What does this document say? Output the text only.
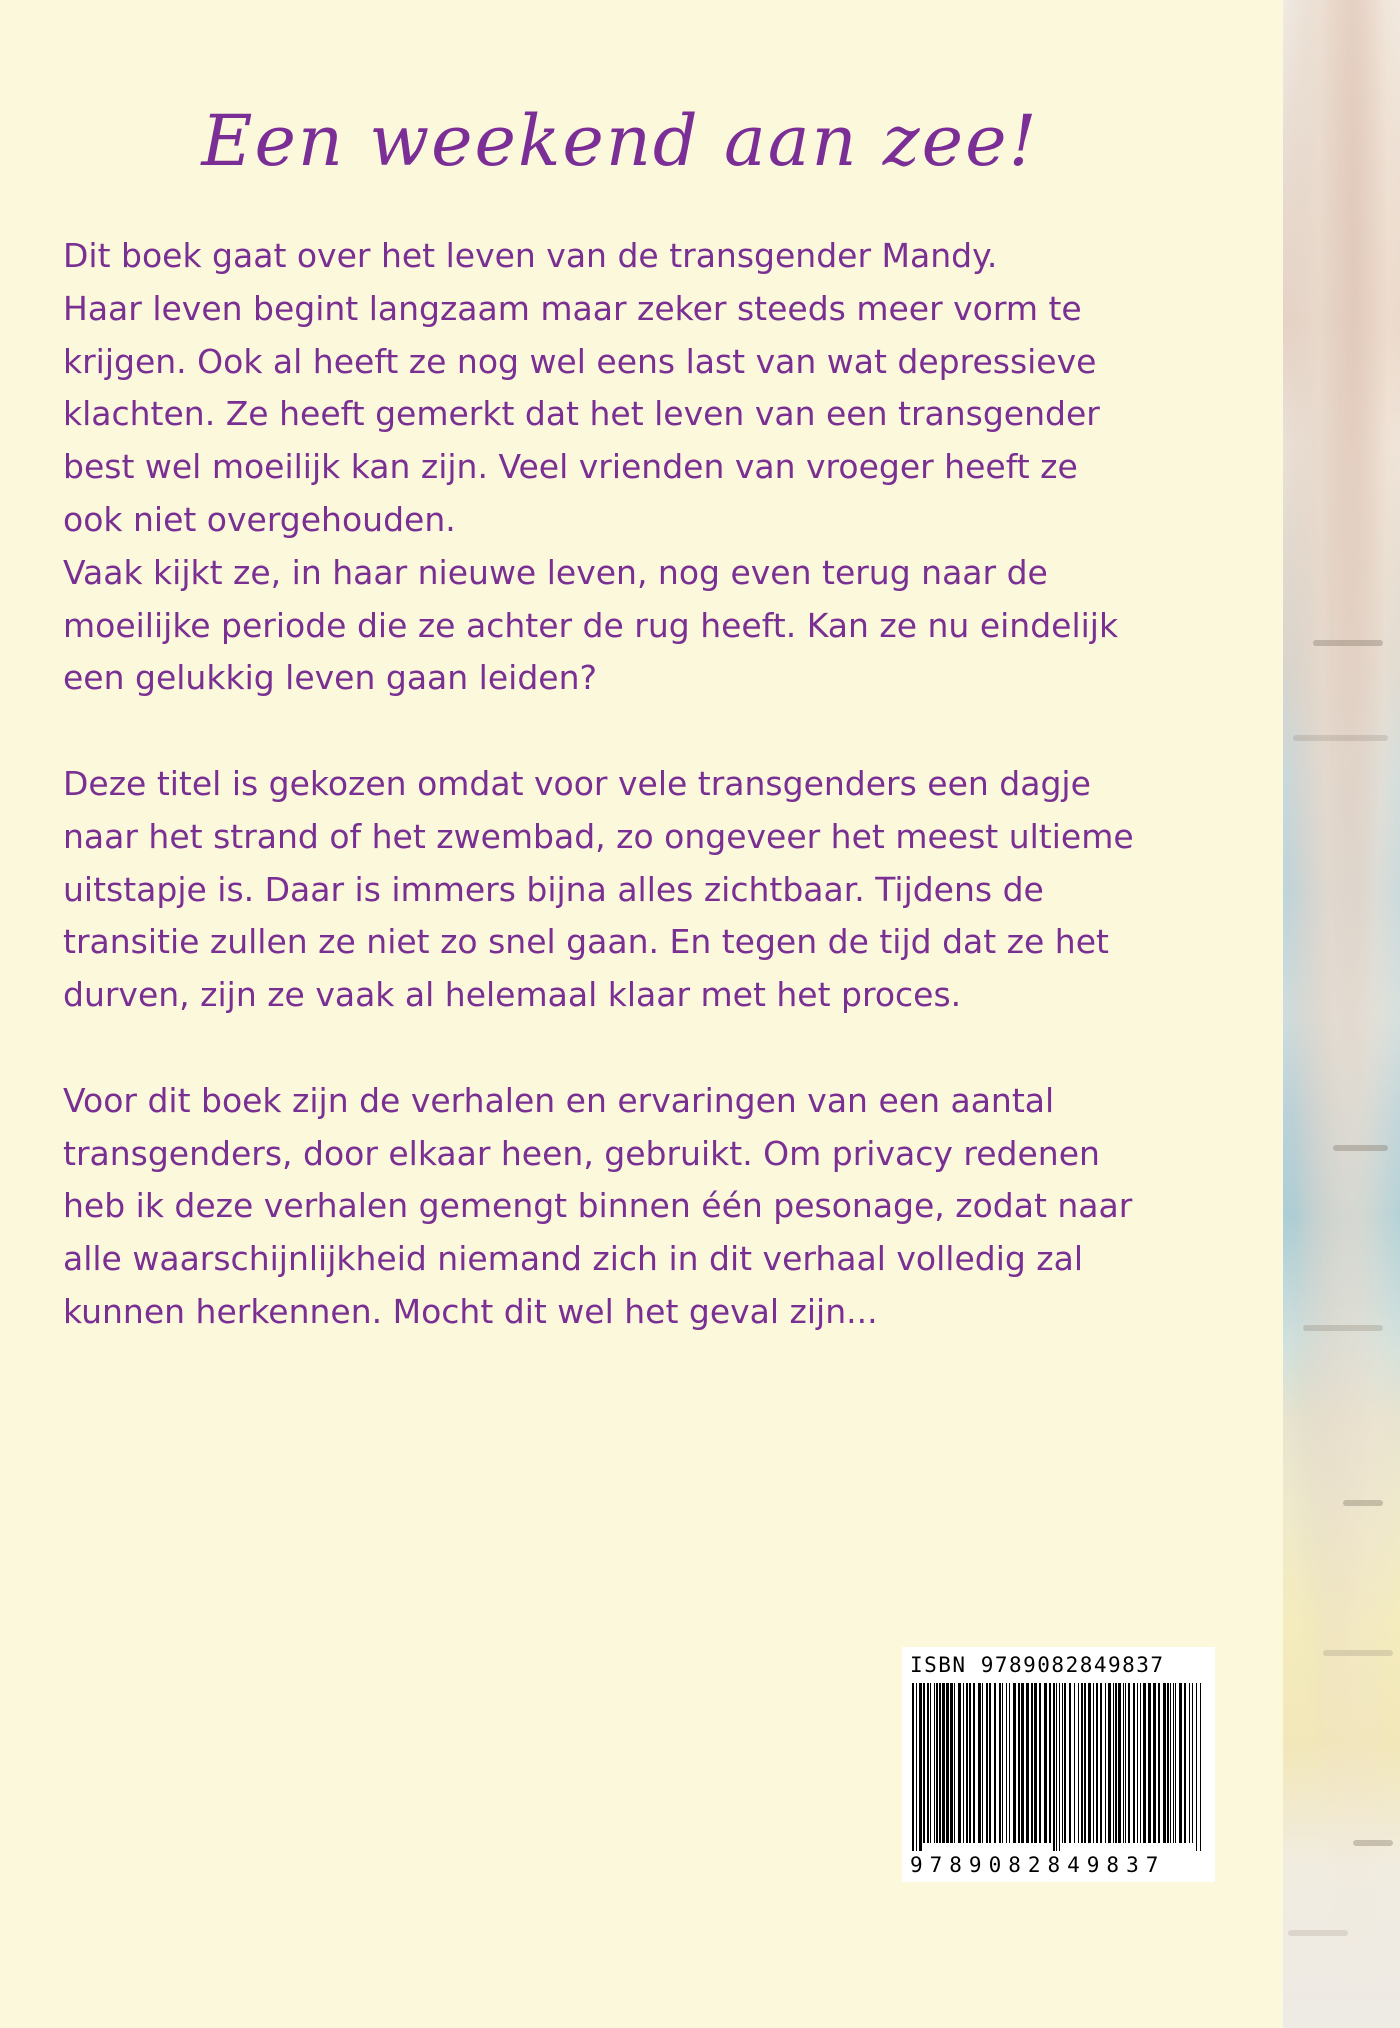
Een weekend aan zee!

Dit boek gaat over het leven van de transgender Mandy.
Haar leven begint langzaam maar zeker steeds meer vorm te
krijgen. Ook al heeft ze nog wel eens last van wat depressieve
klachten. Ze heeft gemerkt dat het leven van een transgender
best wel moeilijk kan zijn. Veel vrienden van vroeger heeft ze
ook niet overgehouden.
Vaak kijkt ze, in haar nieuwe leven, nog even terug naar de
moeilijke periode die ze achter de rug heeft. Kan ze nu eindelijk
een gelukkig leven gaan leiden?

Deze titel is gekozen omdat voor vele transgenders een dagje
naar het strand of het zwembad, zo ongeveer het meest ultieme
uitstapje is. Daar is immers bijna alles zichtbaar. Tijdens de
transitie zullen ze niet zo snel gaan. En tegen de tijd dat ze het
durven, zijn ze vaak al helemaal klaar met het proces.

Voor dit boek zijn de verhalen en ervaringen van een aantal
transgenders, door elkaar heen, gebruikt. Om privacy redenen
heb ik deze verhalen gemengt binnen één pesonage, zodat naar
alle waarschijnlijkheid niemand zich in dit verhaal volledig zal
kunnen herkennen. Mocht dit wel het geval zijn...

ISBN 9789082849837
9789082849837
